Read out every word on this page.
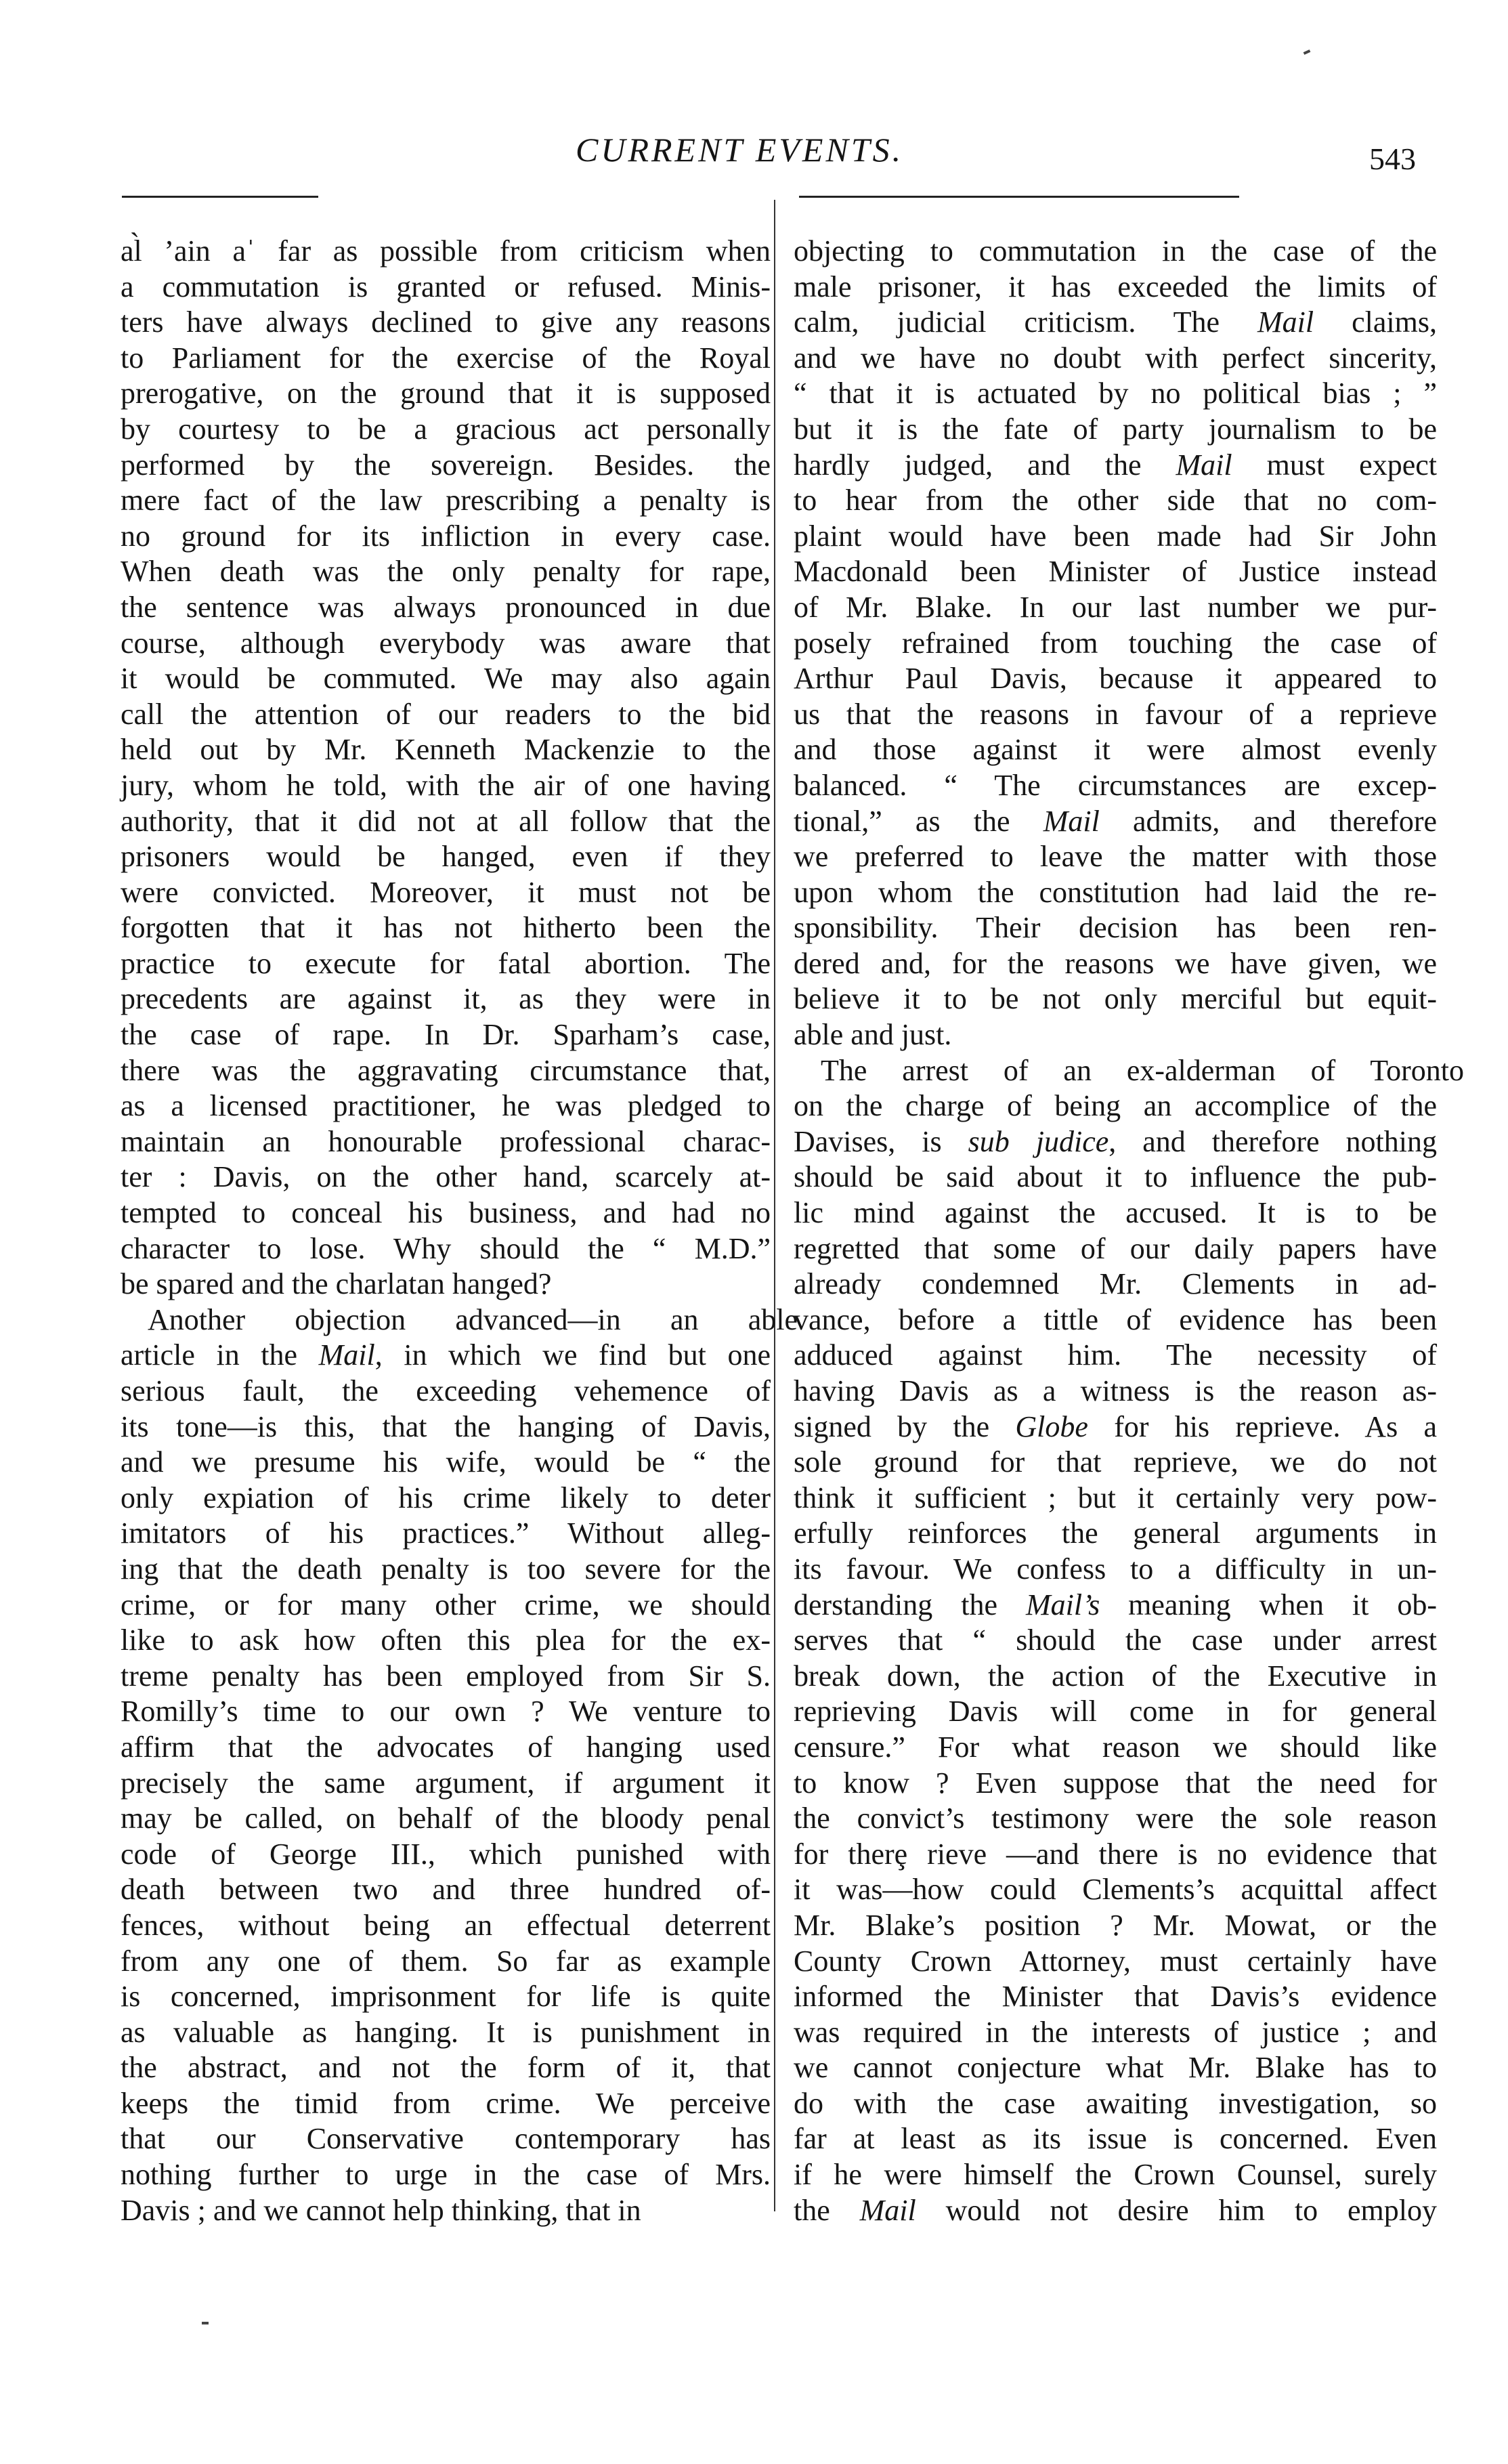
CURRENT EVENTS.	543
al̀ ’ain aˈ far as possible from criticism when
a commutation is granted or refused. Minis-
ters have always declined to give any reasons
to Parliament for the exercise of the Royal
prerogative, on the ground that it is supposed
by courtesy to be a gracious act personally
performed by the sovereign. Besides. the
mere fact of the law prescribing a penalty is
no ground for its infliction in every case.
When death was the only penalty for rape,
the sentence was always pronounced in due
course, although everybody was aware that
it would be commuted. We may also again
call the attention of our readers to the bid
held out by Mr. Kenneth Mackenzie to the
jury, whom he told, with the air of one having
authority, that it did not at all follow that the
prisoners would be hanged, even if they
were convicted. Moreover, it must not be
forgotten that it has not hitherto been the
practice to execute for fatal abortion. The
precedents are against it, as they were in
the case of rape. In Dr. Sparham’s case,
there was the aggravating circumstance that,
as a licensed practitioner, he was pledged to
maintain an honourable professional charac-
ter : Davis, on the other hand, scarcely at-
tempted to conceal his business, and had no
character to lose. Why should the “ M.D.”
be spared and the charlatan hanged?
Another objection advanced—in an able
article in the Mail, in which we find but one
serious fault, the exceeding vehemence of
its tone—is this, that the hanging of Davis,
and we presume his wife, would be “ the
only expiation of his crime likely to deter
imitators of his practices.” Without alleg-
ing that the death penalty is too severe for the
crime, or for many other crime, we should
like to ask how often this plea for the ex-
treme penalty has been employed from Sir S.
Romilly’s time to our own ? We venture to
affirm that the advocates of hanging used
precisely the same argument, if argument it
may be called, on behalf of the bloody penal
code of George III., which punished with
death between two and three hundred of-
fences, without being an effectual deterrent
from any one of them. So far as example
is concerned, imprisonment for life is quite
as valuable as hanging. It is punishment in
the abstract, and not the form of it, that
keeps the timid from crime. We perceive
that our Conservative contemporary has
nothing further to urge in the case of Mrs.
Davis ; and we cannot help thinking, that in
objecting to commutation in the case of the
male prisoner, it has exceeded the limits of
calm, judicial criticism. The Mail claims,
and we have no doubt with perfect sincerity,
“ that it is actuated by no political bias ; ”
but it is the fate of party journalism to be
hardly judged, and the Mail must expect
to hear from the other side that no com-
plaint would have been made had Sir John
Macdonald been Minister of Justice instead
of Mr. Blake. In our last number we pur-
posely refrained from touching the case of
Arthur Paul Davis, because it appeared to
us that the reasons in favour of a reprieve
and those against it were almost evenly
balanced. “ The circumstances are excep-
tional,” as the Mail admits, and therefore
we preferred to leave the matter with those
upon whom the constitution had laid the re-
sponsibility. Their decision has been ren-
dered and, for the reasons we have given, we
believe it to be not only merciful but equit-
able and just.
The arrest of an ex-alderman of Toronto
on the charge of being an accomplice of the
Davises, is sub judice, and therefore nothing
should be said about it to influence the pub-
lic mind against the accused. It is to be
regretted that some of our daily papers have
already condemned Mr. Clements in ad-
vance, before a tittle of evidence has been
adduced against him. The necessity of
having Davis as a witness is the reason as-
signed by the Globe for his reprieve. As a
sole ground for that reprieve, we do not
think it sufficient ; but it certainly very pow-
erfully reinforces the general arguments in
its favour. We confess to a difficulty in un-
derstanding the Mail’s meaning when it ob-
serves that “ should the case under arrest
break down, the action of the Executive in
reprieving Davis will come in for general
censure.” For what reason we should like
to know ? Even suppose that the need for
the convict’s testimony were the sole reason
for therȩ rieve —and there is no evidence that
it was—how could Clements’s acquittal affect
Mr. Blake’s position ? Mr. Mowat, or the
County Crown Attorney, must certainly have
informed the Minister that Davis’s evidence
was required in the interests of justice ; and
we cannot conjecture what Mr. Blake has to
do with the case awaiting investigation, so
far at least as its issue is concerned. Even
if he were himself the Crown Counsel, surely
the Mail would not desire him to employ
